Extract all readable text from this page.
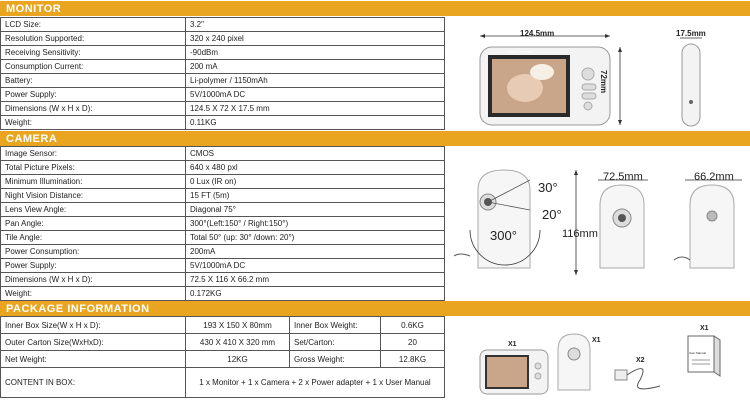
MONITOR
LCD Size:	3.2"
Resolution Supported:	320 x 240 pixel
Receiving Sensitivity:	-90dBm
Consumption Current:	200 mA
Battery:	Li-polymer / 1150mAh
Power Supply:	5V/1000mA DC
Dimensions (W x H x D):	124.5 X 72 X 17.5 mm
Weight:	0.11KG
CAMERA
Image Sensor:	CMOS
Total Picture Pixels:	640 x 480 pxl
Minimum Illumination:	0 Lux (IR on)
Night Vision Distance:	15 FT (5m)
Lens View Angle:	Diagonal 75°
Pan Angle:	300°(Left:150° / Right:150°)
Tile Angle:	Total 50° (up: 30° /down: 20°)
Power Consumption:	200mA
Power Supply:	5V/1000mA DC
Dimensions (W x H x D):	72.5 X 116 X 66.2 mm
Weight:	0.172KG
PACKAGE INFORMATION
Inner Box Size(W x H x D):	193 X 150 X 80mm	Inner Box Weight:	0.6KG
Outer Carton Size(WxHxD):	430 X 410 X 320 mm	Set/Carton:	20
Net Weight:	12KG	Gross Weight:	12.8KG
CONTENT IN BOX:	1 x Monitor + 1 x Camera + 2 x Power adapter + 1 x User Manual		
124.5mm	17.5mm
72mm
Baby Monitor
30°
20°
300°
72.5mm
116mm
66.2mm
X1
X1
X2
X1
User Manual
